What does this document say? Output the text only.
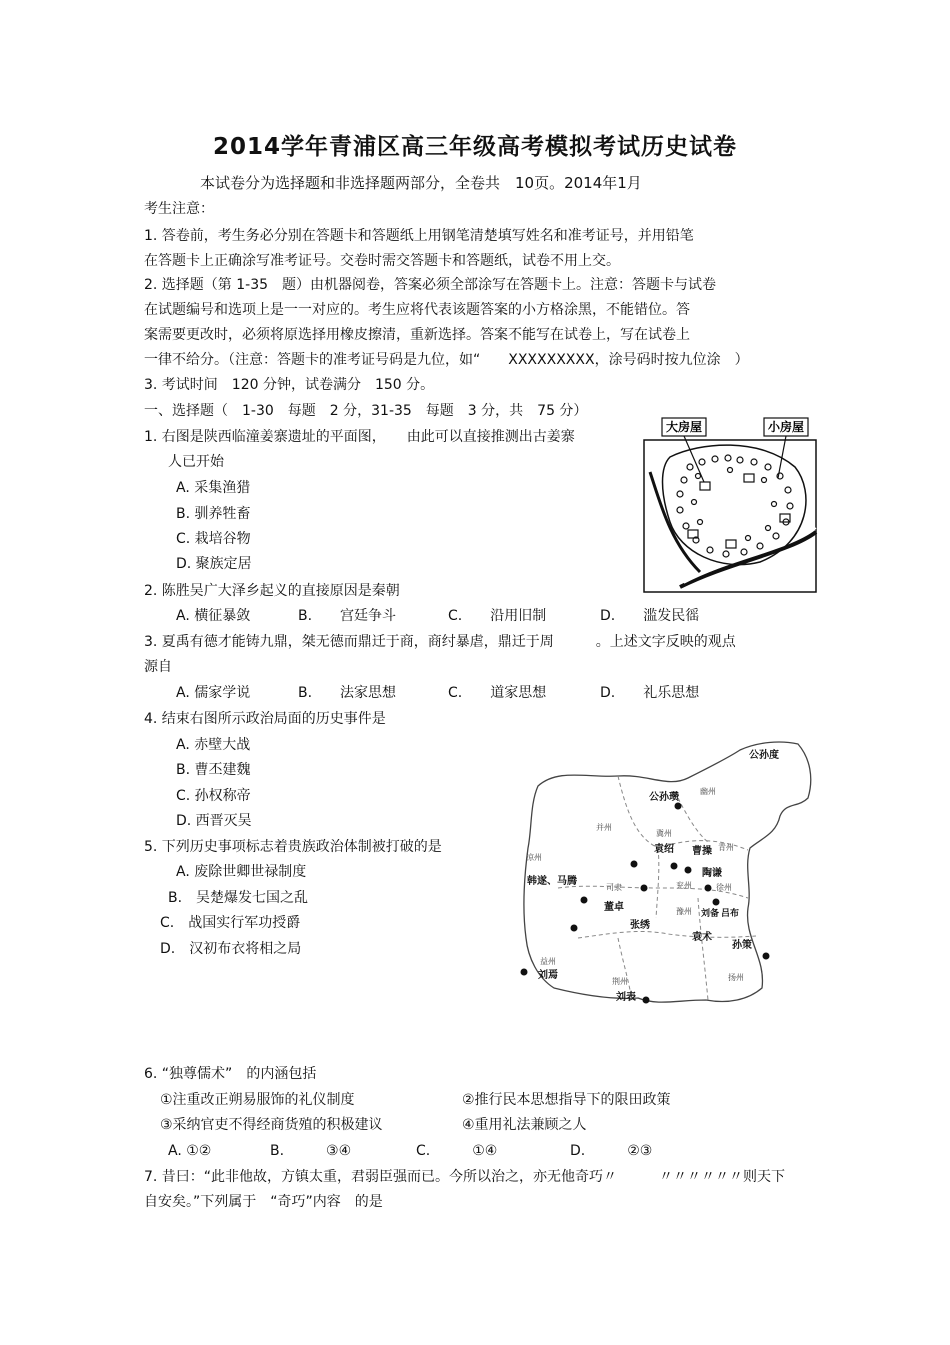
2014学年青浦区高三年级高考模拟考试历史试卷
本试卷分为选择题和非选择题两部分，全卷共　10页。2014年1月
考生注意：
1. 答卷前，考生务必分别在答题卡和答题纸上用钢笔清楚填写姓名和准考证号，并用铅笔
在答题卡上正确涂写准考证号。交卷时需交答题卡和答题纸，试卷不用上交。
2. 选择题（第 1-35　题）由机器阅卷，答案必须全部涂写在答题卡上。注意：答题卡与试卷
在试题编号和选项上是一一对应的。考生应将代表该题答案的小方格涂黑，不能错位。答
案需要更改时，必须将原选择用橡皮擦清，重新选择。答案不能写在试卷上，写在试卷上
一律不给分。（注意：答题卡的准考证号码是九位，如“　　XXXXXXXXX，涂号码时按九位涂　）
3. 考试时间　120 分钟，试卷满分　150 分。
一、选择题（　1-30　每题　2 分，31-35　每题　3 分，共　75 分）
1. 右图是陕西临潼姜寨遗址的平面图，　　由此可以直接推测出古姜寨
人已开始
A. 采集渔猎
B. 驯养牲畜
C. 栽培谷物
D. 聚族定居
大房屋	小房屋
2. 陈胜吴广大泽乡起义的直接原因是秦朝
A. 横征暴敛	B.　　宫廷争斗	C.　　沿用旧制	D.　　滥发民徭
3. 夏禹有德才能铸九鼎，桀无德而鼎迁于商，商纣暴虐，鼎迁于周　　　。上述文字反映的观点
源自
A. 儒家学说	B.　　法家思想	C.　　道家思想	D.　　礼乐思想
4. 结束右图所示政治局面的历史事件是
A. 赤壁大战
B. 曹丕建魏
C. 孙权称帝
D. 西晋灭吴
幽州
并州
冀州
青州
凉州
兖州
司隶	徐州
豫州
益州
荆州	扬州
公孙度
公孙瓒
袁绍 曹操
陶谦
韩遂、马腾
董卓
张绣
袁术
孙策
刘焉
刘表
刘备 吕布
5. 下列历史事项标志着贵族政治体制被打破的是
A. 废除世卿世禄制度
B.　吴楚爆发七国之乱
C.　战国实行军功授爵
D.　汉初布衣将相之局
6. “独尊儒术”　的内涵包括
①注重改正朔易服饰的礼仪制度	②推行民本思想指导下的限田政策
③采纳官吏不得经商货殖的积极建议	④重用礼法兼顾之人
A. ①②	B.　　　③④	C.　　　①④	D.　　　②③
7. 昔曰：“此非他故，方镇太重，君弱臣强而已。今所以治之，亦无他奇巧〃　　　〃〃〃〃〃〃则天下
自安矣。”下列属于　“奇巧”内容　的是
